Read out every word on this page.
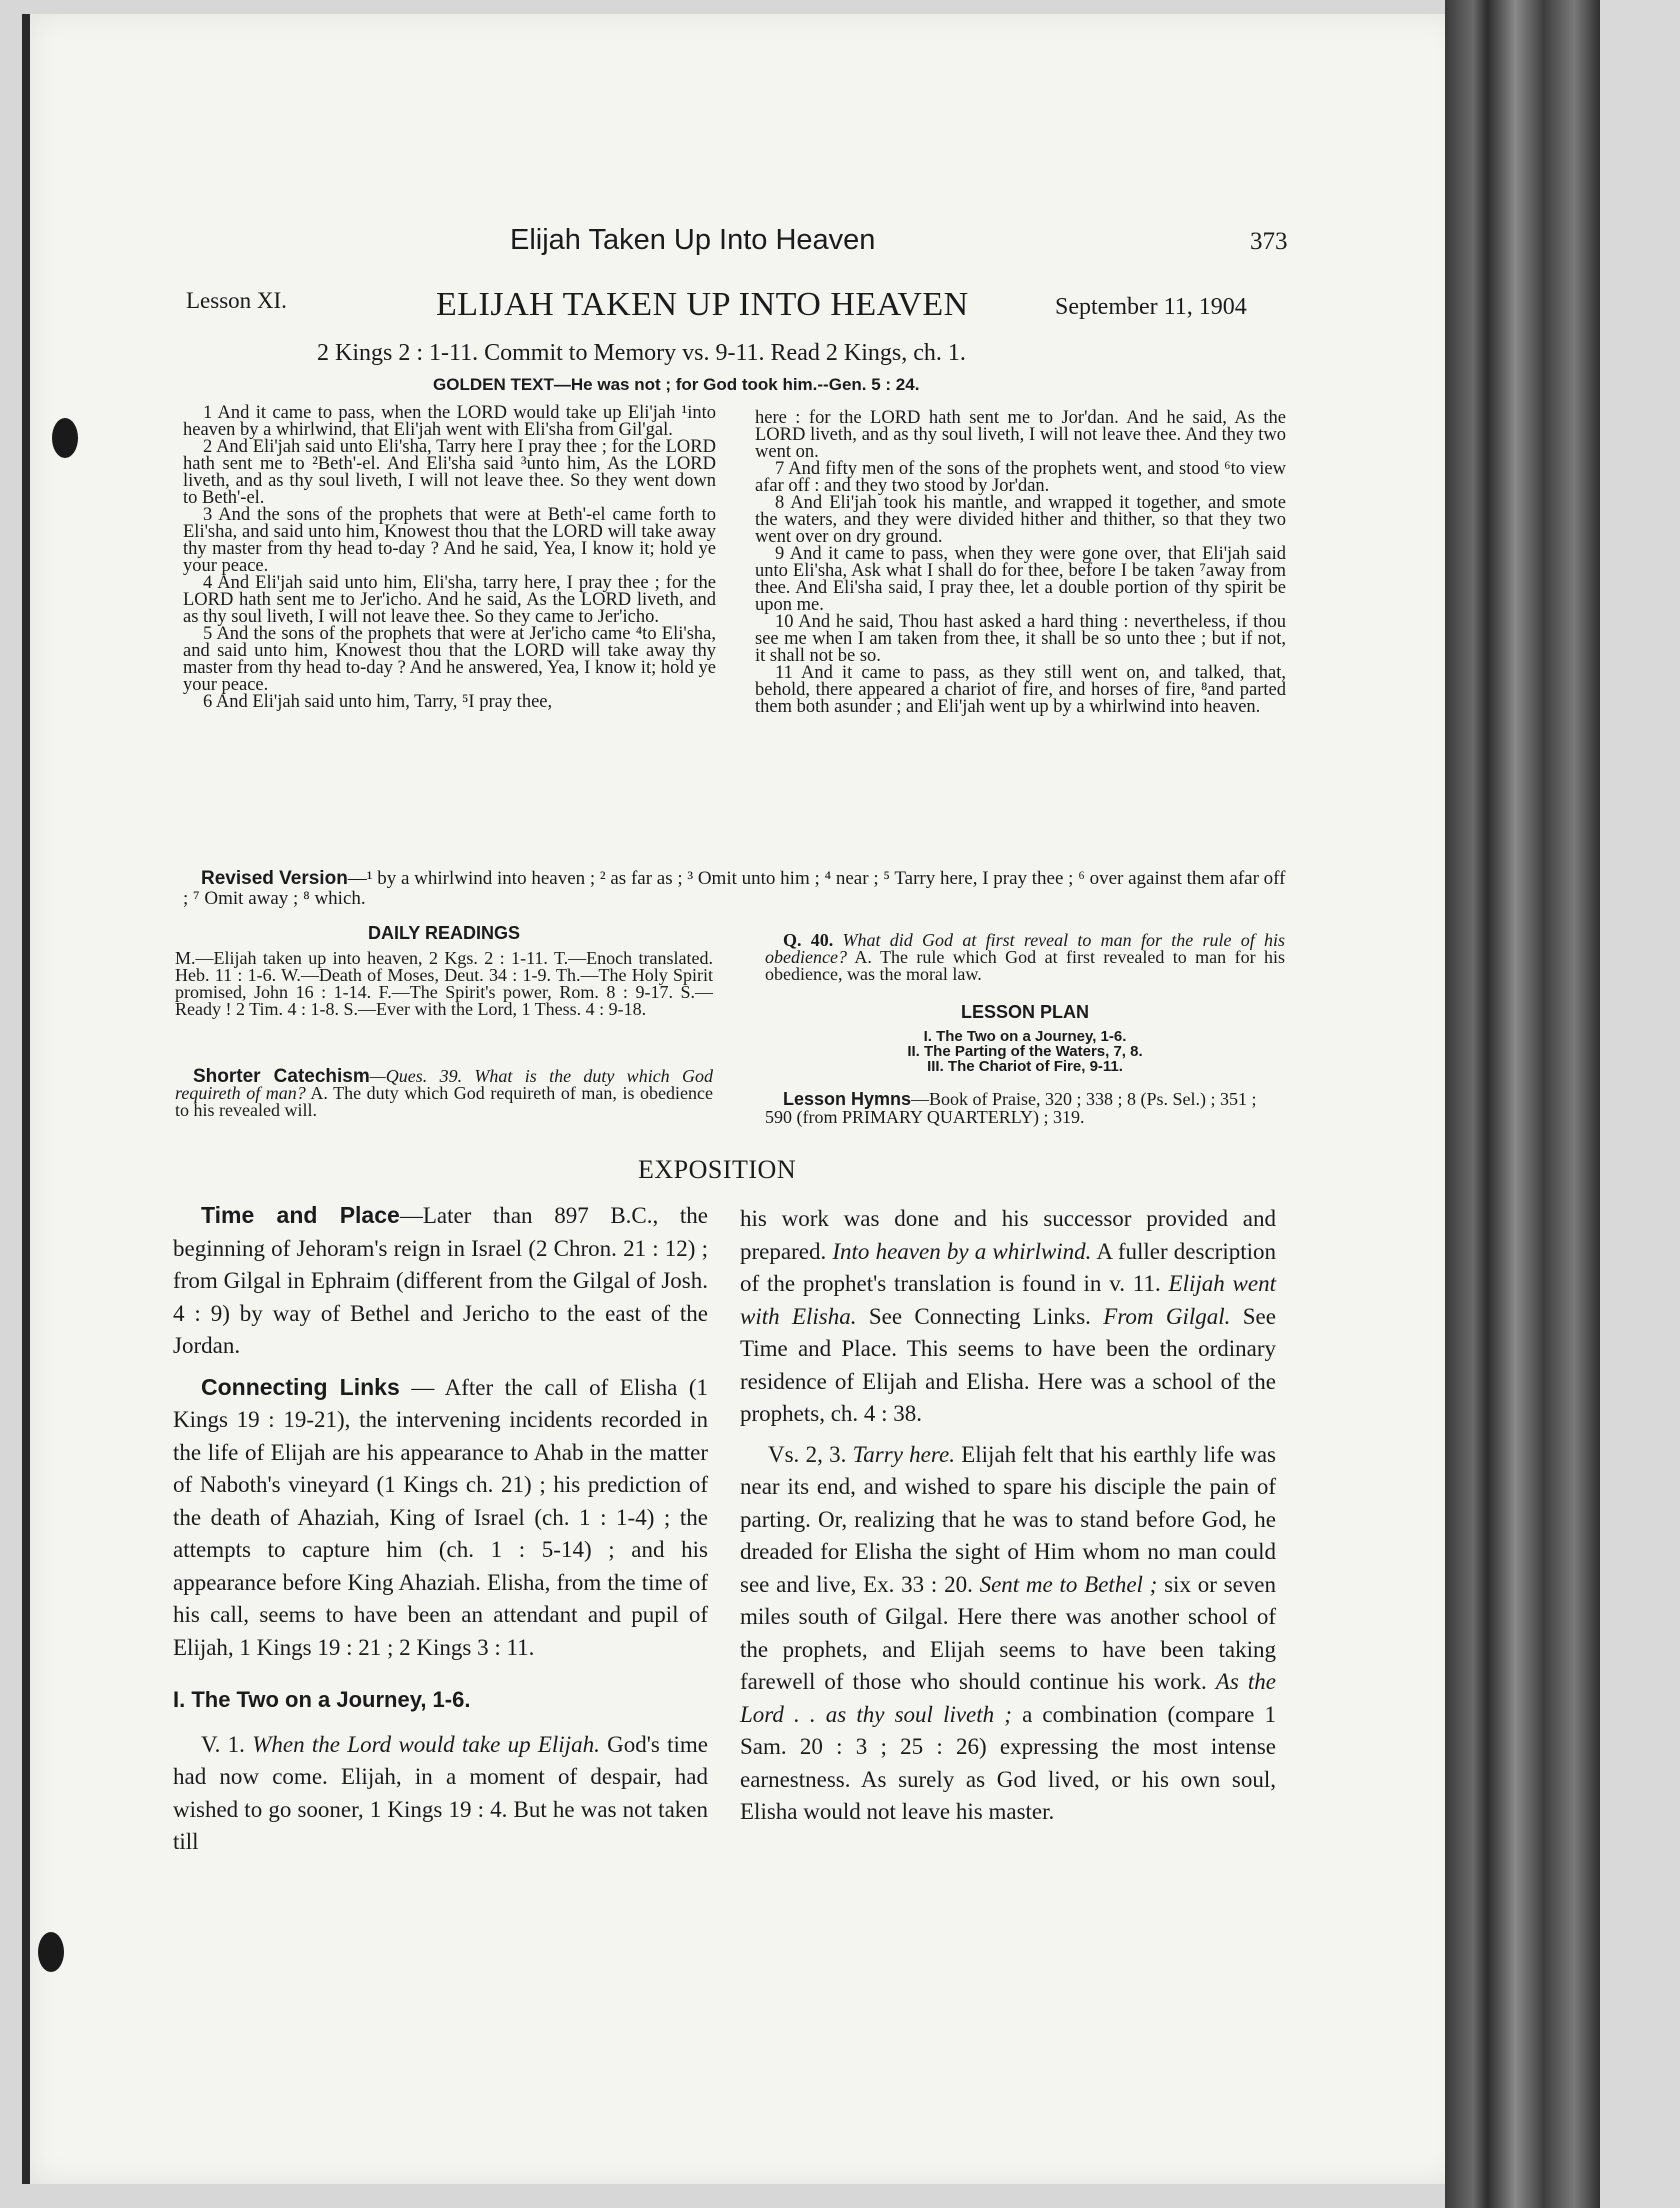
Elijah Taken Up Into Heaven	373
Lesson XI.	ELIJAH TAKEN UP INTO HEAVEN	September 11, 1904
2 Kings 2 : 1-11. Commit to Memory vs. 9-11. Read 2 Kings, ch. 1.
GOLDEN TEXT—He was not ; for God took him.--Gen. 5 : 24.

1 And it came to pass, when the LORD would take up Eli'jah ¹into heaven by a whirlwind, that Eli'jah went with Eli'sha from Gil'gal.

2 And Eli'jah said unto Eli'sha, Tarry here I pray thee ; for the LORD hath sent me to ²Beth'-el. And Eli'sha said ³unto him, As the LORD liveth, and as thy soul liveth, I will not leave thee. So they went down to Beth'-el.

3 And the sons of the prophets that were at Beth'-el came forth to Eli'sha, and said unto him, Knowest thou that the LORD will take away thy master from thy head to-day ? And he said, Yea, I know it; hold ye your peace.

4 And Eli'jah said unto him, Eli'sha, tarry here, I pray thee ; for the LORD hath sent me to Jer'icho. And he said, As the LORD liveth, and as thy soul liveth, I will not leave thee. So they came to Jer'icho.

5 And the sons of the prophets that were at Jer'icho came ⁴to Eli'sha, and said unto him, Knowest thou that the LORD will take away thy master from thy head to-day ? And he answered, Yea, I know it; hold ye your peace.

6 And Eli'jah said unto him, Tarry, ⁵I pray thee,

here : for the LORD hath sent me to Jor'dan. And he said, As the LORD liveth, and as thy soul liveth, I will not leave thee. And they two went on.

7 And fifty men of the sons of the prophets went, and stood ⁶to view afar off : and they two stood by Jor'dan.

8 And Eli'jah took his mantle, and wrapped it together, and smote the waters, and they were divided hither and thither, so that they two went over on dry ground.

9 And it came to pass, when they were gone over, that Eli'jah said unto Eli'sha, Ask what I shall do for thee, before I be taken ⁷away from thee. And Eli'sha said, I pray thee, let a double portion of thy spirit be upon me.

10 And he said, Thou hast asked a hard thing : nevertheless, if thou see me when I am taken from thee, it shall be so unto thee ; but if not, it shall not be so.

11 And it came to pass, as they still went on, and talked, that, behold, there appeared a chariot of fire, and horses of fire, ⁸and parted them both asunder ; and Eli'jah went up by a whirlwind into heaven.

Revised Version—¹ by a whirlwind into heaven ; ² as far as ; ³ Omit unto him ; ⁴ near ; ⁵ Tarry here, I pray thee ; ⁶ over against them afar off ; ⁷ Omit away ; ⁸ which.
DAILY READINGS
M.—Elijah taken up into heaven, 2 Kgs. 2 : 1-11. T.—Enoch translated. Heb. 11 : 1-6. W.—Death of Moses, Deut. 34 : 1-9. Th.—The Holy Spirit promised, John 16 : 1-14. F.—The Spirit's power, Rom. 8 : 9-17. S.—Ready ! 2 Tim. 4 : 1-8. S.—Ever with the Lord, 1 Thess. 4 : 9-18.
Shorter Catechism—Ques. 39. What is the duty which God requireth of man? A. The duty which God requireth of man, is obedience to his revealed will.
Q. 40. What did God at first reveal to man for the rule of his obedience? A. The rule which God at first revealed to man for his obedience, was the moral law.
LESSON PLAN
I. The Two on a Journey, 1-6.
II. The Parting of the Waters, 7, 8.
III. The Chariot of Fire, 9-11.
Lesson Hymns—Book of Praise, 320 ; 338 ; 8 (Ps. Sel.) ; 351 ; 590 (from PRIMARY QUARTERLY) ; 319.
EXPOSITION

Time and Place—Later than 897 B.C., the beginning of Jehoram's reign in Israel (2 Chron. 21 : 12) ; from Gilgal in Ephraim (different from the Gilgal of Josh. 4 : 9) by way of Bethel and Jericho to the east of the Jordan.

Connecting Links — After the call of Elisha (1 Kings 19 : 19-21), the intervening incidents recorded in the life of Elijah are his appearance to Ahab in the matter of Naboth's vineyard (1 Kings ch. 21) ; his prediction of the death of Ahaziah, King of Israel (ch. 1 : 1-4) ; the attempts to capture him (ch. 1 : 5-14) ; and his appearance before King Ahaziah. Elisha, from the time of his call, seems to have been an attendant and pupil of Elijah, 1 Kings 19 : 21 ; 2 Kings 3 : 11.

I. The Two on a Journey, 1-6.

V. 1. When the Lord would take up Elijah. God's time had now come. Elijah, in a moment of despair, had wished to go sooner, 1 Kings 19 : 4. But he was not taken till

his work was done and his successor provided and prepared. Into heaven by a whirlwind. A fuller description of the prophet's translation is found in v. 11. Elijah went with Elisha. See Connecting Links. From Gilgal. See Time and Place. This seems to have been the ordinary residence of Elijah and Elisha. Here was a school of the prophets, ch. 4 : 38.

Vs. 2, 3. Tarry here. Elijah felt that his earthly life was near its end, and wished to spare his disciple the pain of parting. Or, realizing that he was to stand before God, he dreaded for Elisha the sight of Him whom no man could see and live, Ex. 33 : 20. Sent me to Bethel ; six or seven miles south of Gilgal. Here there was another school of the prophets, and Elijah seems to have been taking farewell of those who should continue his work. As the Lord . . as thy soul liveth ; a combination (compare 1 Sam. 20 : 3 ; 25 : 26) expressing the most intense earnestness. As surely as God lived, or his own soul, Elisha would not leave his master.
